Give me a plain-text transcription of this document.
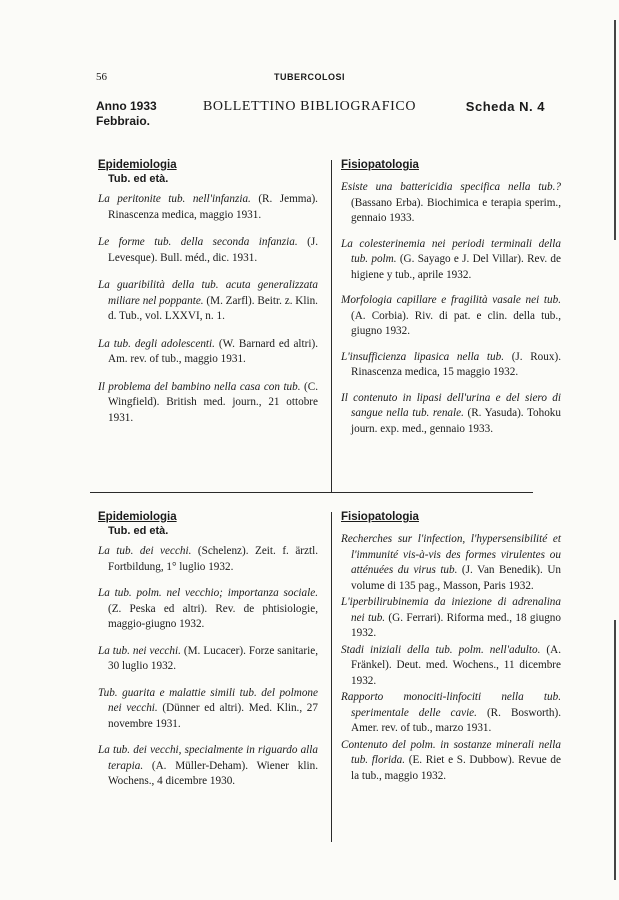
56	TUBERCOLOSI
Anno 1933
Febbraio.
BOLLETTINO BIBLIOGRAFICO	Scheda N. 4
Epidemiologia
Tub. ed età.

La peritonite tub. nell'infanzia. (R. Jemma). Rinascenza medica, maggio 1931.

Le forme tub. della seconda infanzia. (J. Levesque). Bull. méd., dic. 1931.

La guaribilità della tub. acuta generalizzata miliare nel poppante. (M. Zarfl). Beitr. z. Klin. d. Tub., vol. LXXVI, n. 1.

La tub. degli adolescenti. (W. Barnard ed altri). Am. rev. of tub., maggio 1931.

Il problema del bambino nella casa con tub. (C. Wingfield). British med. journ., 21 ottobre 1931.

Fisiopatologia

Esiste una battericidia specifica nella tub.? (Bassano Erba). Biochimica e terapia sperim., gennaio 1933.

La colesterinemia nei periodi terminali della tub. polm. (G. Sayago e J. Del Villar). Rev. de higiene y tub., aprile 1932.

Morfologia capillare e fragilità vasale nei tub. (A. Corbia). Riv. di pat. e clin. della tub., giugno 1932.

L'insufficienza lipasica nella tub. (J. Roux). Rinascenza medica, 15 maggio 1932.

Il contenuto in lipasi dell'urina e del siero di sangue nella tub. renale. (R. Yasuda). Tohoku journ. exp. med., gennaio 1933.

Epidemiologia
Tub. ed età.

La tub. dei vecchi. (Schelenz). Zeit. f. ärztl. Fortbildung, 1° luglio 1932.

La tub. polm. nel vecchio; importanza sociale. (Z. Peska ed altri). Rev. de phtisiologie, maggio-giugno 1932.

La tub. nei vecchi. (M. Lucacer). Forze sanitarie, 30 luglio 1932.

Tub. guarita e malattie simili tub. del polmone nei vecchi. (Dünner ed altri). Med. Klin., 27 novembre 1931.

La tub. dei vecchi, specialmente in riguardo alla terapia. (A. Müller-Deham). Wiener klin. Wochens., 4 dicembre 1930.

Fisiopatologia

Recherches sur l'infection, l'hypersensibilité et l'immunité vis-à-vis des formes virulentes ou atténuées du virus tub. (J. Van Benedik). Un volume di 135 pag., Masson, Paris 1932.

L'iperbilirubinemia da iniezione di adrenalina nei tub. (G. Ferrari). Riforma med., 18 giugno 1932.

Stadi iniziali della tub. polm. nell'adulto. (A. Fränkel). Deut. med. Wochens., 11 dicembre 1932.

Rapporto monociti-linfociti nella tub. sperimentale delle cavie. (R. Bosworth). Amer. rev. of tub., marzo 1931.

Contenuto del polm. in sostanze minerali nella tub. florida. (E. Riet e S. Dubbow). Revue de la tub., maggio 1932.
